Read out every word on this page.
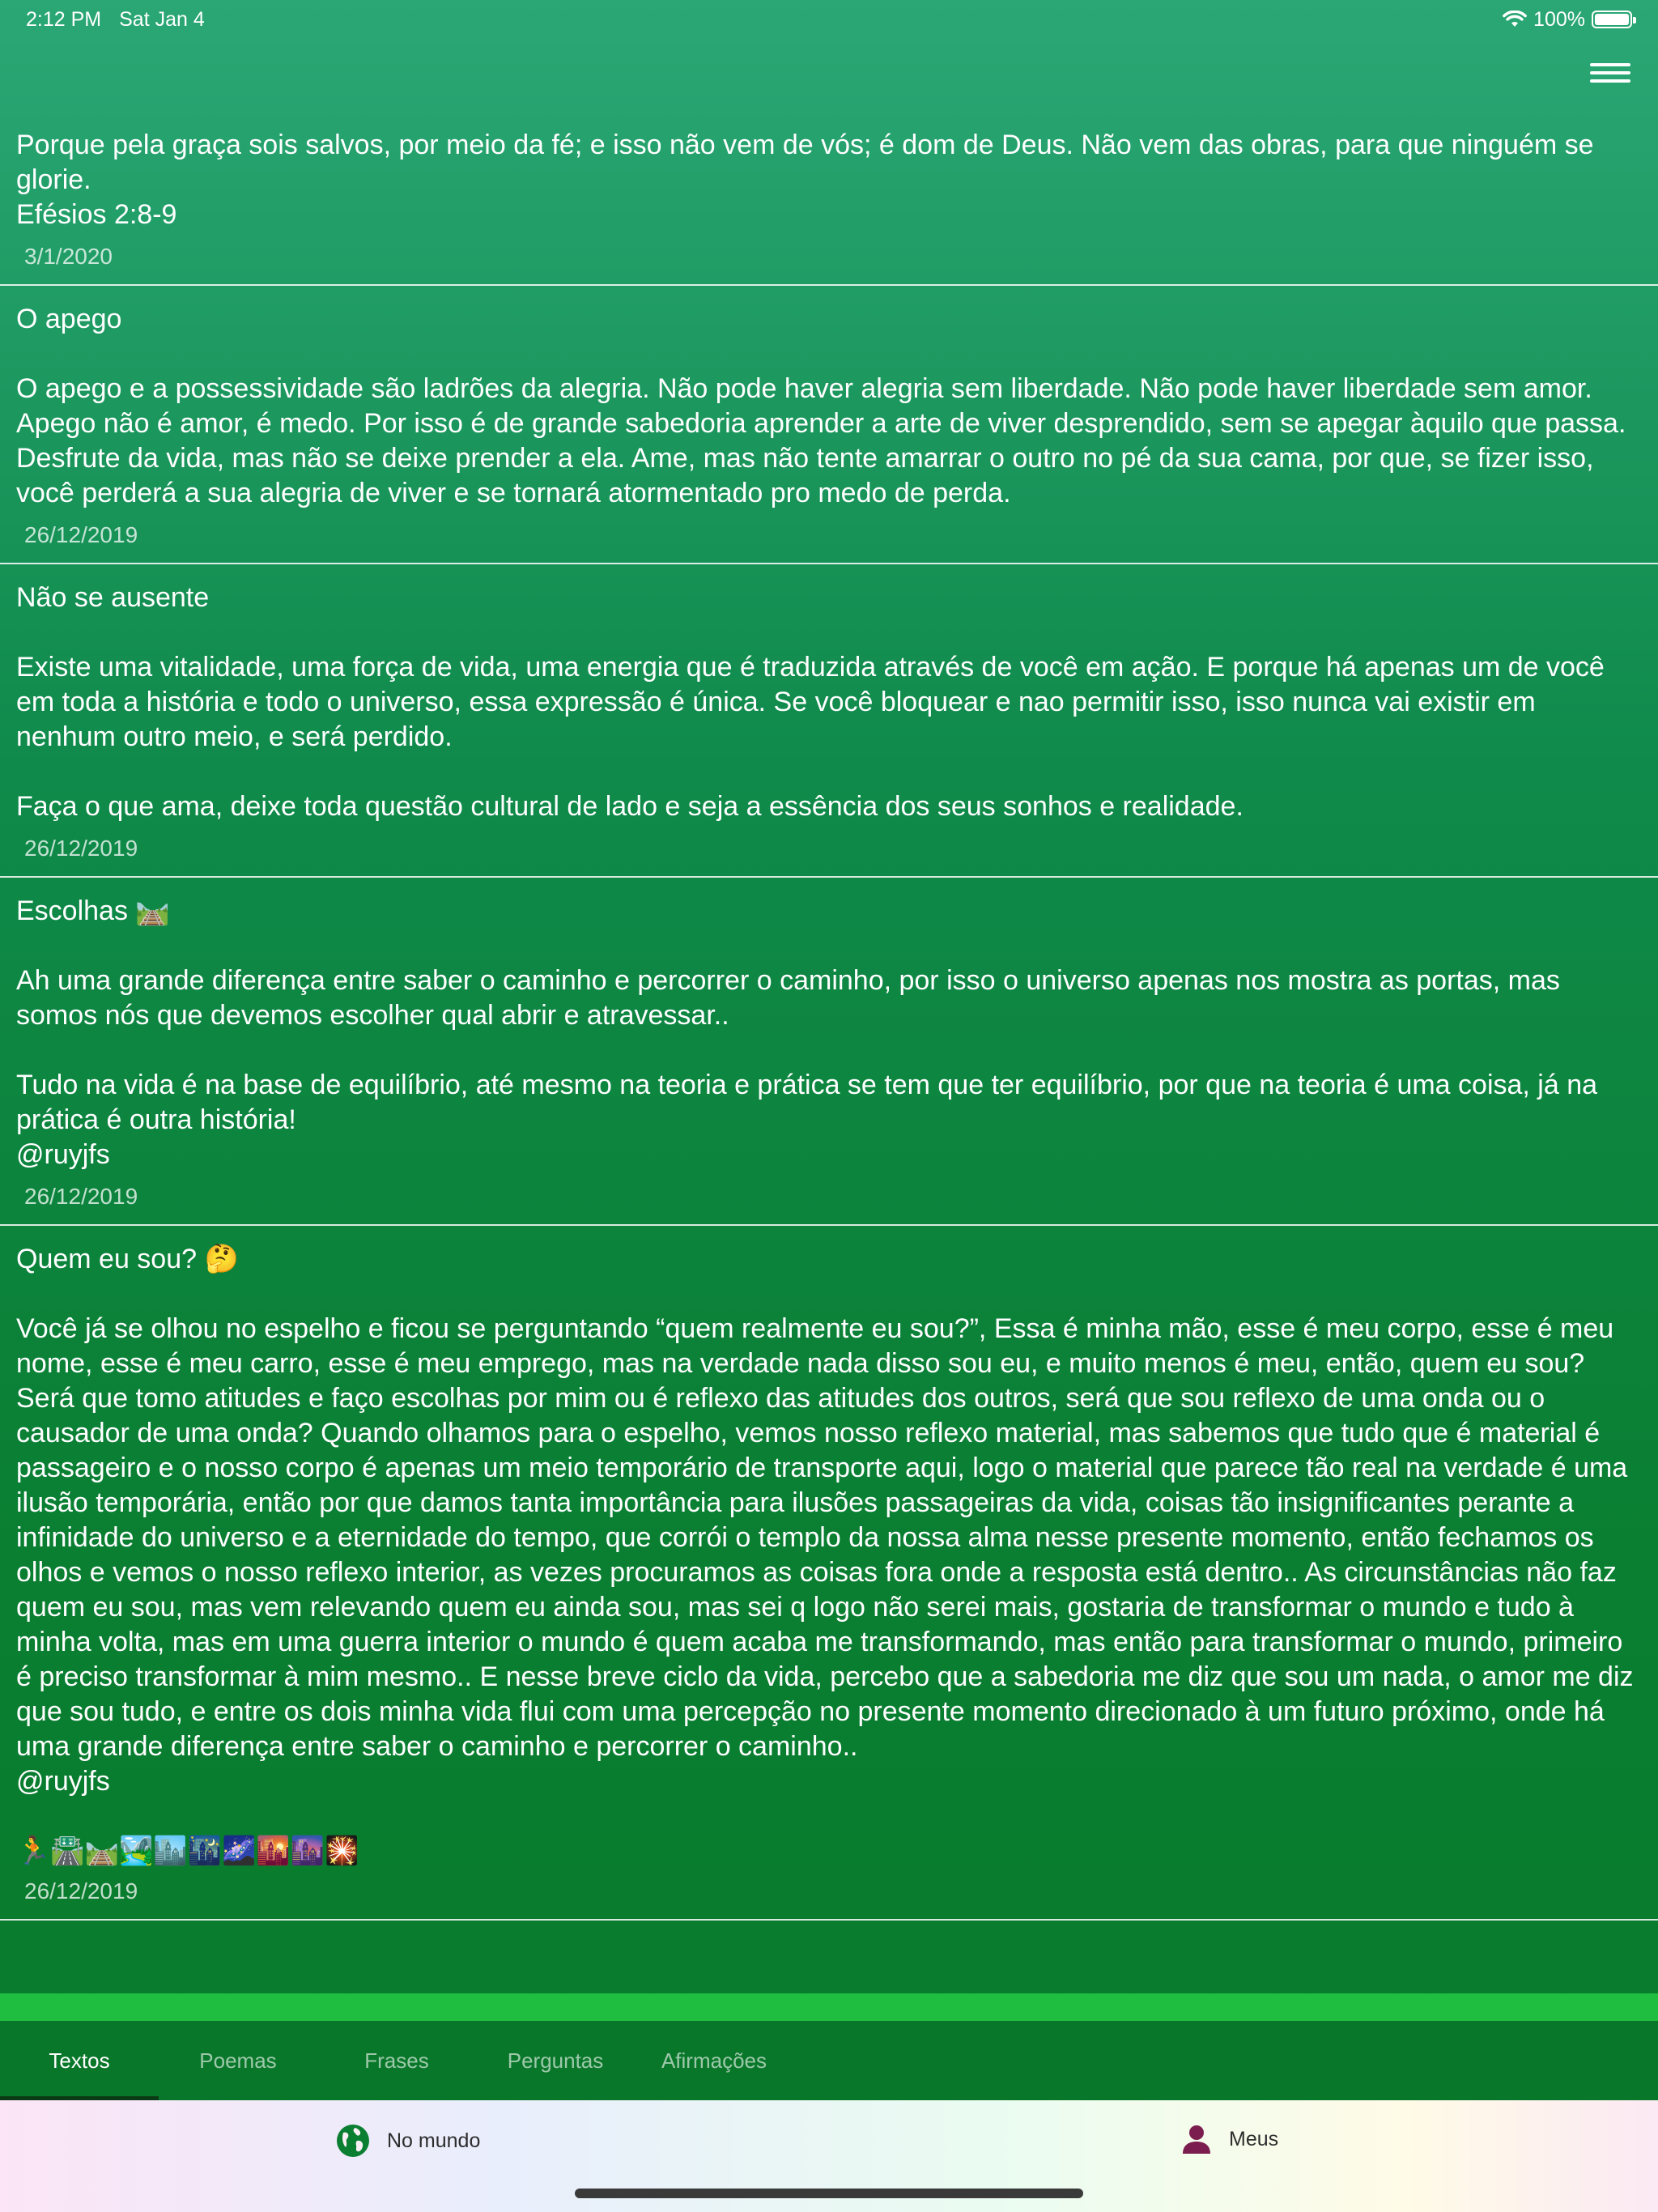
2:12 PM Sat Jan 4	100%
Porque pela graça sois salvos, por meio da fé; e isso não vem de vós; é dom de Deus. Não vem das obras, para que ninguém se glorie.
Efésios 2:8-9
3/1/2020
O apego
O apego e a possessividade são ladrões da alegria. Não pode haver alegria sem liberdade. Não pode haver liberdade sem amor. Apego não é amor, é medo. Por isso é de grande sabedoria aprender a arte de viver desprendido, sem se apegar àquilo que passa. Desfrute da vida, mas não se deixe prender a ela. Ame, mas não tente amarrar o outro no pé da sua cama, por que, se fizer isso, você perderá a sua alegria de viver e se tornará atormentado pro medo de perda.
26/12/2019
Não se ausente
Existe uma vitalidade, uma força de vida, uma energia que é traduzida através de você em ação. E porque há apenas um de você em toda a história e todo o universo, essa expressão é única. Se você bloquear e nao permitir isso, isso nunca vai existir em nenhum outro meio, e será perdido.

Faça o que ama, deixe toda questão cultural de lado e seja a essência dos seus sonhos e realidade.
26/12/2019
Escolhas 🛤️
Ah uma grande diferença entre saber o caminho e percorrer o caminho, por isso o universo apenas nos mostra as portas, mas somos nós que devemos escolher qual abrir e atravessar..

Tudo na vida é na base de equilíbrio, até mesmo na teoria e prática se tem que ter equilíbrio, por que na teoria é uma coisa, já na prática é outra história!
@ruyjfs
26/12/2019
Quem eu sou? 🤔
Você já se olhou no espelho e ficou se perguntando “quem realmente eu sou?”, Essa é minha mão, esse é meu corpo, esse é meu nome, esse é meu carro, esse é meu emprego, mas na verdade nada disso sou eu, e muito menos é meu, então, quem eu sou? Será que tomo atitudes e faço escolhas por mim ou é reflexo das atitudes dos outros, será que sou reflexo de uma onda ou o causador de uma onda? Quando olhamos para o espelho, vemos nosso reflexo material, mas sabemos que tudo que é material é passageiro e o nosso corpo é apenas um meio temporário de transporte aqui, logo o material que parece tão real na verdade é uma ilusão temporária, então por que damos tanta importância para ilusões passageiras da vida, coisas tão insignificantes perante a infinidade do universo e a eternidade do tempo, que corrói o templo da nossa alma nesse presente momento, então fechamos os olhos e vemos o nosso reflexo interior, as vezes procuramos as coisas fora onde a resposta está dentro.. As circunstâncias não faz quem eu sou, mas vem relevando quem eu ainda sou, mas sei q logo não serei mais, gostaria de transformar o mundo e tudo à minha volta, mas em uma guerra interior o mundo é quem acaba me transformando, mas então para transformar o mundo, primeiro é preciso transformar à mim mesmo.. E nesse breve ciclo da vida, percebo que a sabedoria me diz que sou um nada, o amor me diz que sou tudo, e entre os dois minha vida flui com uma percepção no presente momento direcionado à um futuro próximo, onde há uma grande diferença entre saber o caminho e percorrer o caminho..
@ruyjfs
🏃🛣️🛤️🏞️🏙️🌃🌌🌇🌆🎇
26/12/2019
Textos	Poemas	Frases	Perguntas	Afirmações
No mundo	Meus
